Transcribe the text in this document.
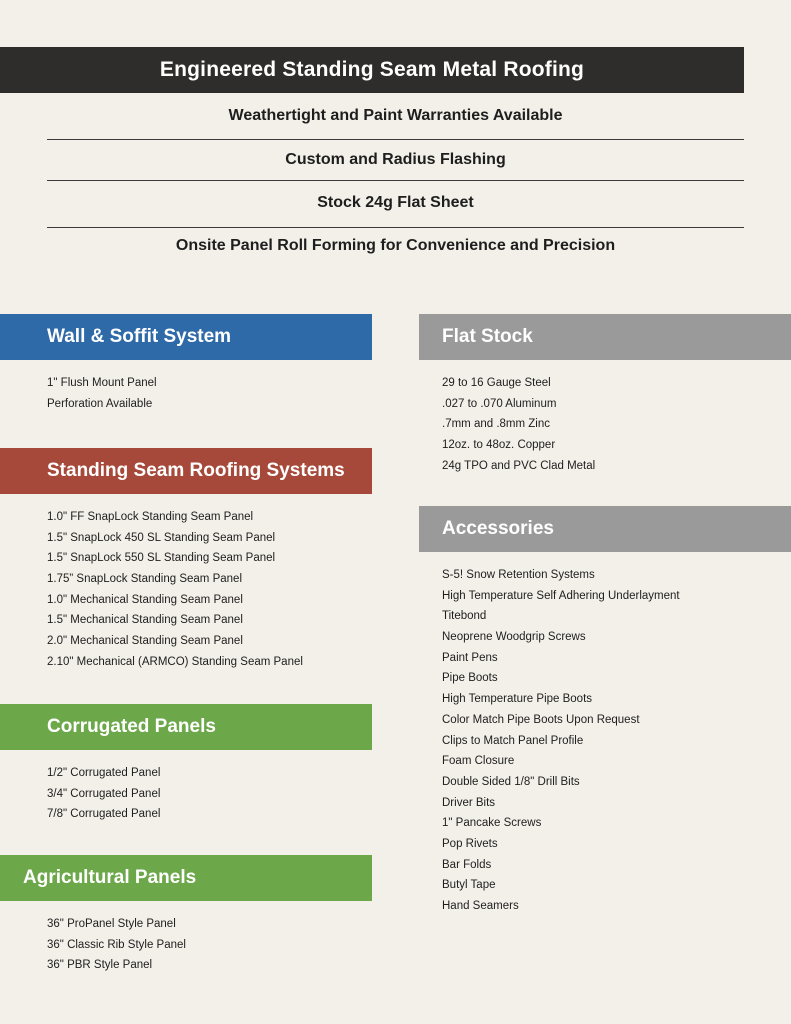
Engineered Standing Seam Metal Roofing
Weathertight and Paint Warranties Available
Custom and Radius Flashing
Stock 24g Flat Sheet
Onsite Panel Roll Forming for Convenience and Precision
Wall & Soffit System
1" Flush Mount Panel
Perforation Available
Standing Seam Roofing Systems
1.0" FF SnapLock Standing Seam Panel
1.5" SnapLock 450 SL Standing Seam Panel
1.5" SnapLock 550 SL Standing Seam Panel
1.75” SnapLock Standing Seam Panel
1.0" Mechanical Standing Seam Panel
1.5" Mechanical Standing Seam Panel
2.0" Mechanical Standing Seam Panel
2.10" Mechanical (ARMCO) Standing Seam Panel
Corrugated Panels
1/2" Corrugated Panel
3/4" Corrugated Panel
7/8" Corrugated Panel
Agricultural Panels
36" ProPanel Style Panel
36" Classic Rib Style Panel
36" PBR Style Panel
Flat Stock
29 to 16 Gauge Steel
.027 to .070 Aluminum
.7mm and .8mm Zinc
12oz. to 48oz. Copper
24g TPO and PVC Clad Metal
Accessories
S-5! Snow Retention Systems
High Temperature Self Adhering Underlayment
Titebond
Neoprene Woodgrip Screws
Paint Pens
Pipe Boots
High Temperature Pipe Boots
Color Match Pipe Boots Upon Request
Clips to Match Panel Profile
Foam Closure
Double Sided 1/8" Drill Bits
Driver Bits
1" Pancake Screws
Pop Rivets
Bar Folds
Butyl Tape
Hand Seamers
